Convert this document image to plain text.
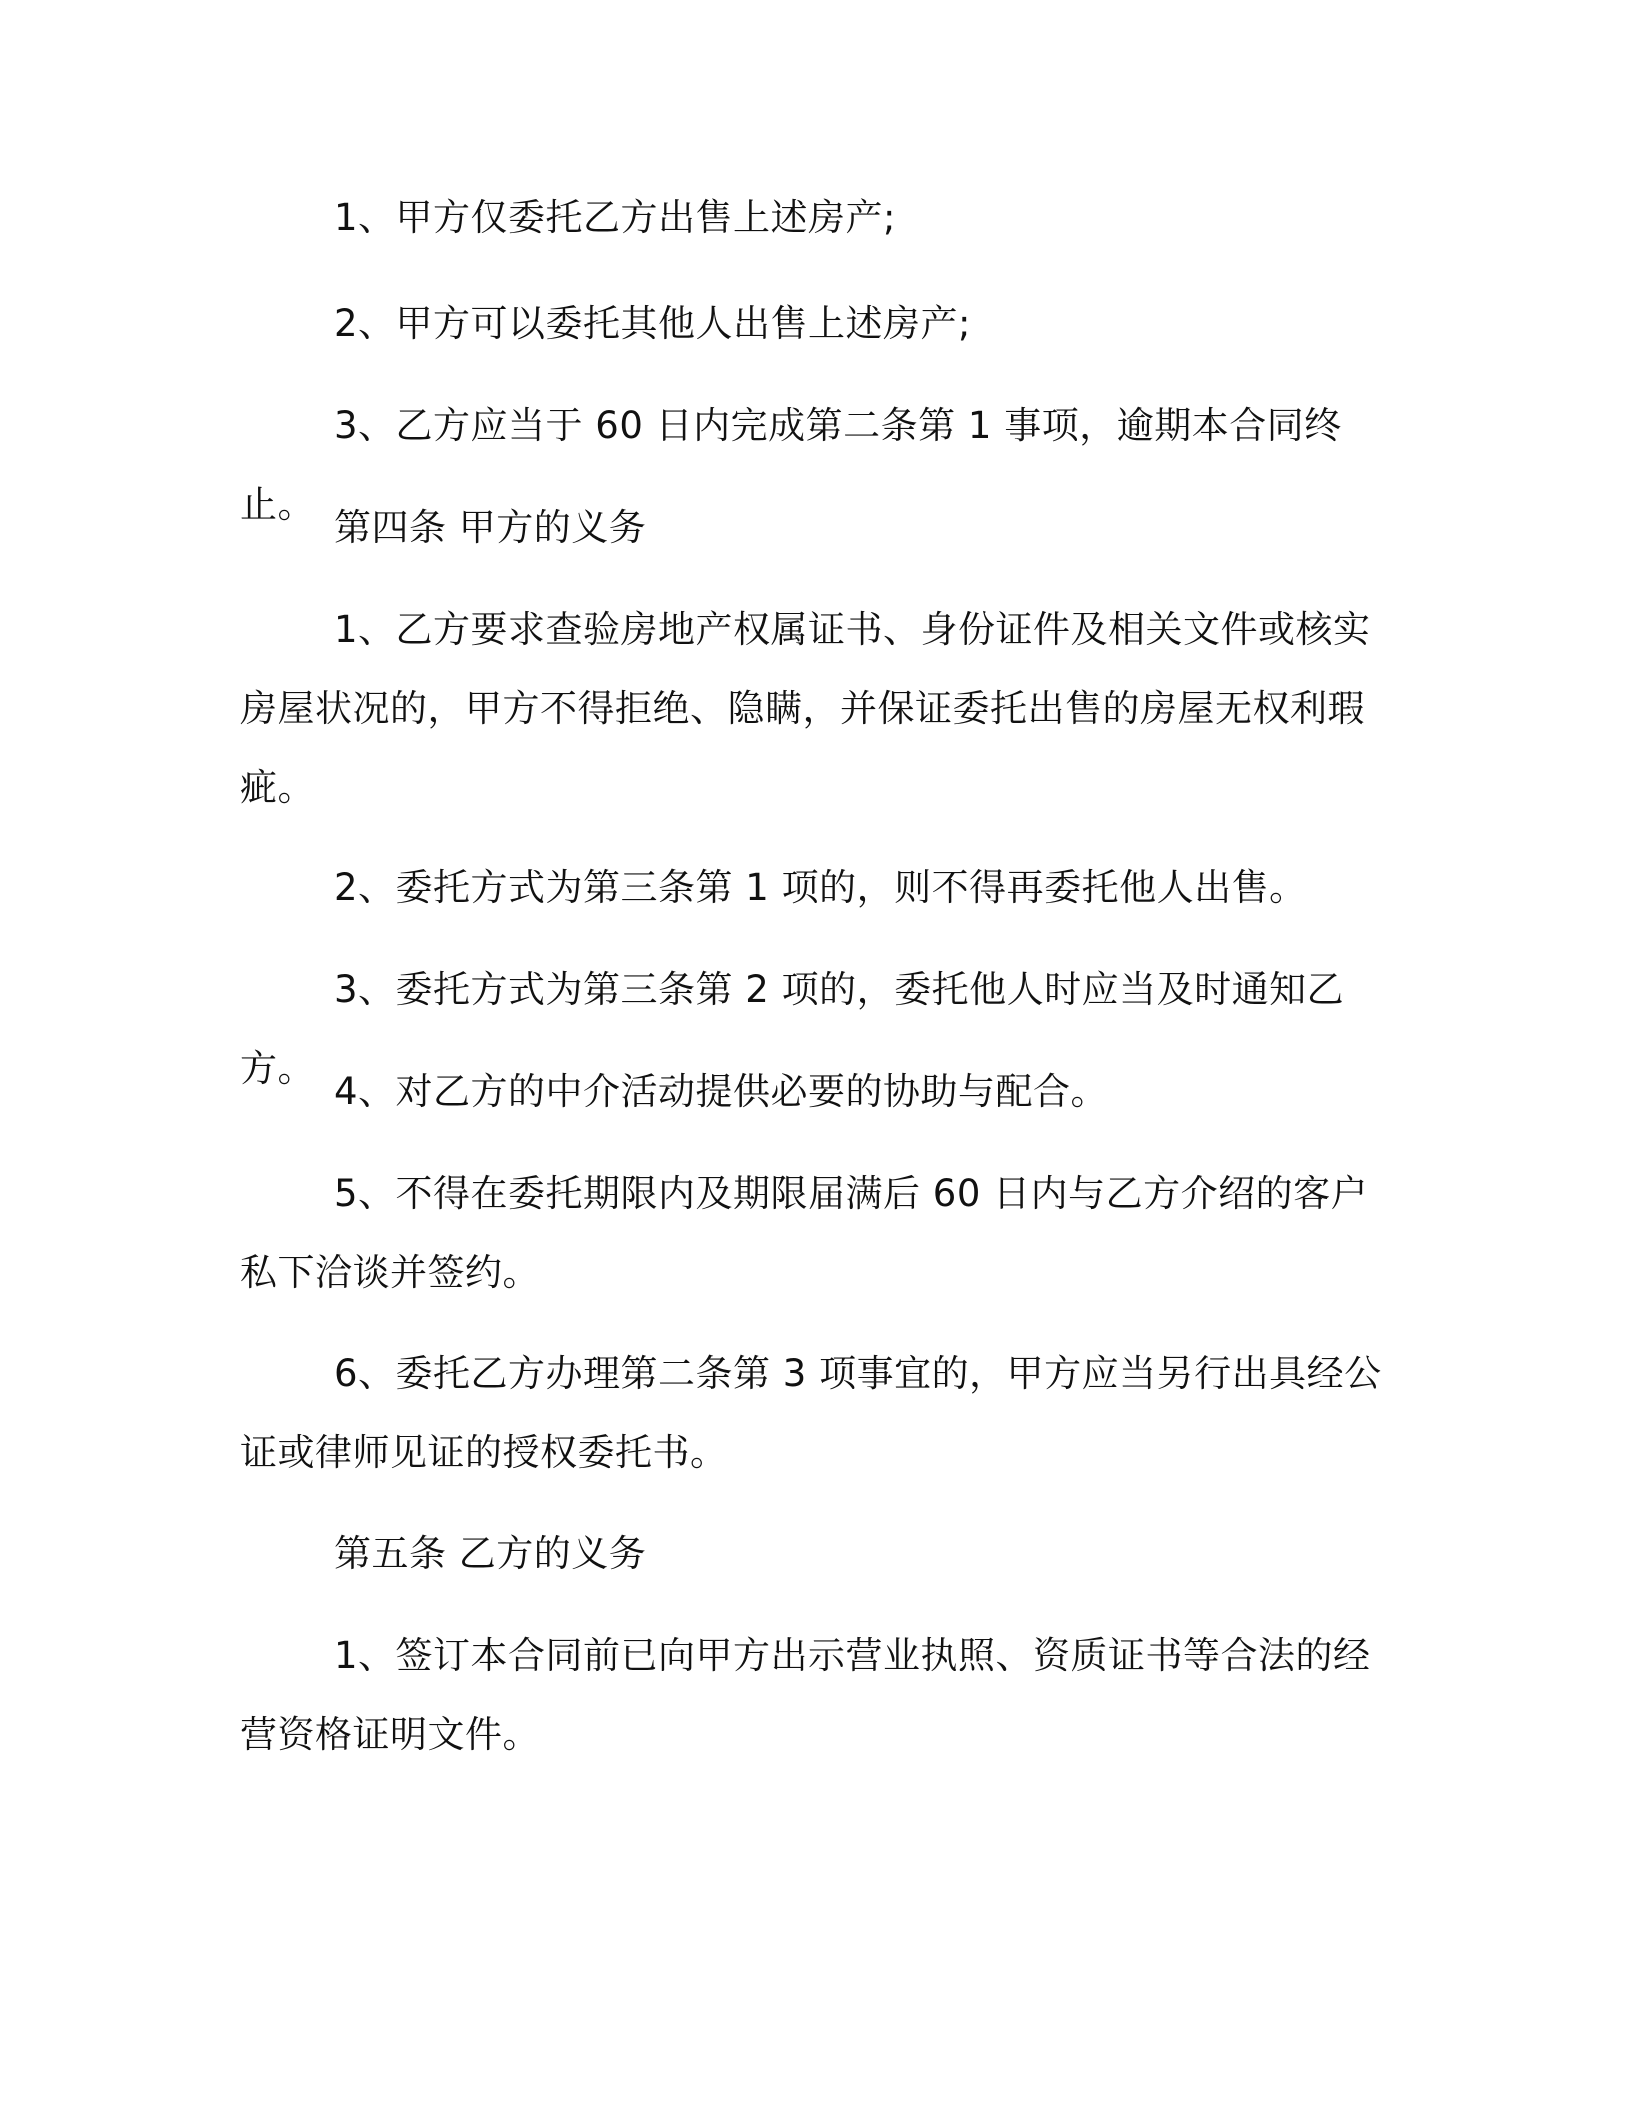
1、甲方仅委托乙方出售上述房产;

2、甲方可以委托其他人出售上述房产;

3、乙方应当于 60 日内完成第二条第 1 事项，逾期本合同终止。

第四条 甲方的义务

1、乙方要求查验房地产权属证书、身份证件及相关文件或核实房屋状况的，甲方不得拒绝、隐瞒，并保证委托出售的房屋无权利瑕疵。

2、委托方式为第三条第 1 项的，则不得再委托他人出售。

3、委托方式为第三条第 2 项的，委托他人时应当及时通知乙方。

4、对乙方的中介活动提供必要的协助与配合。

5、不得在委托期限内及期限届满后 60 日内与乙方介绍的客户私下洽谈并签约。

6、委托乙方办理第二条第 3 项事宜的，甲方应当另行出具经公证或律师见证的授权委托书。

第五条 乙方的义务

1、签订本合同前已向甲方出示营业执照、资质证书等合法的经营资格证明文件。
